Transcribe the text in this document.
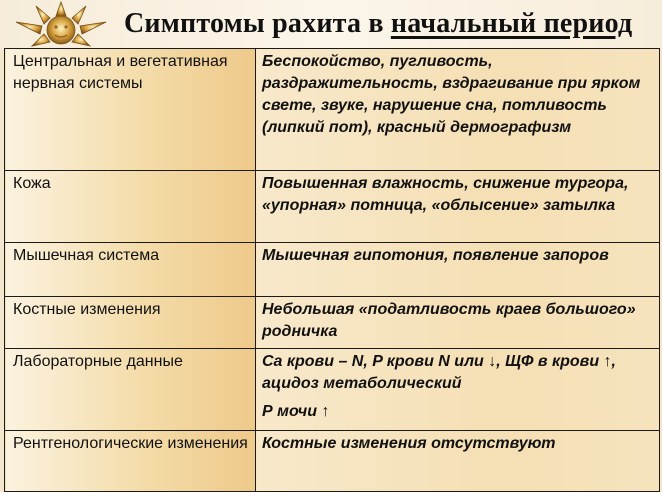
Симптомы рахита в начальный период
Центральная и вегетативная нервная системы	Беспокойство, пугливость, раздражительность, вздрагивание при ярком свете, звуке, нарушение сна, потливость (липкий пот), красный дермографизм

Кожа	Повышенная влажность, снижение тургора, «упорная» потница, «облысение» затылка

Мышечная система	Мышечная гипотония, появление запоров

Костные изменения	Небольшая «податливость краев большого» родничка

Лабораторные данные	Ca крови – N, P крови N или ↓, ЩФ в крови ↑, ацидоз метаболический
Р мочи ↑

Рентгенологические изменения	Костные изменения отсутствуют
